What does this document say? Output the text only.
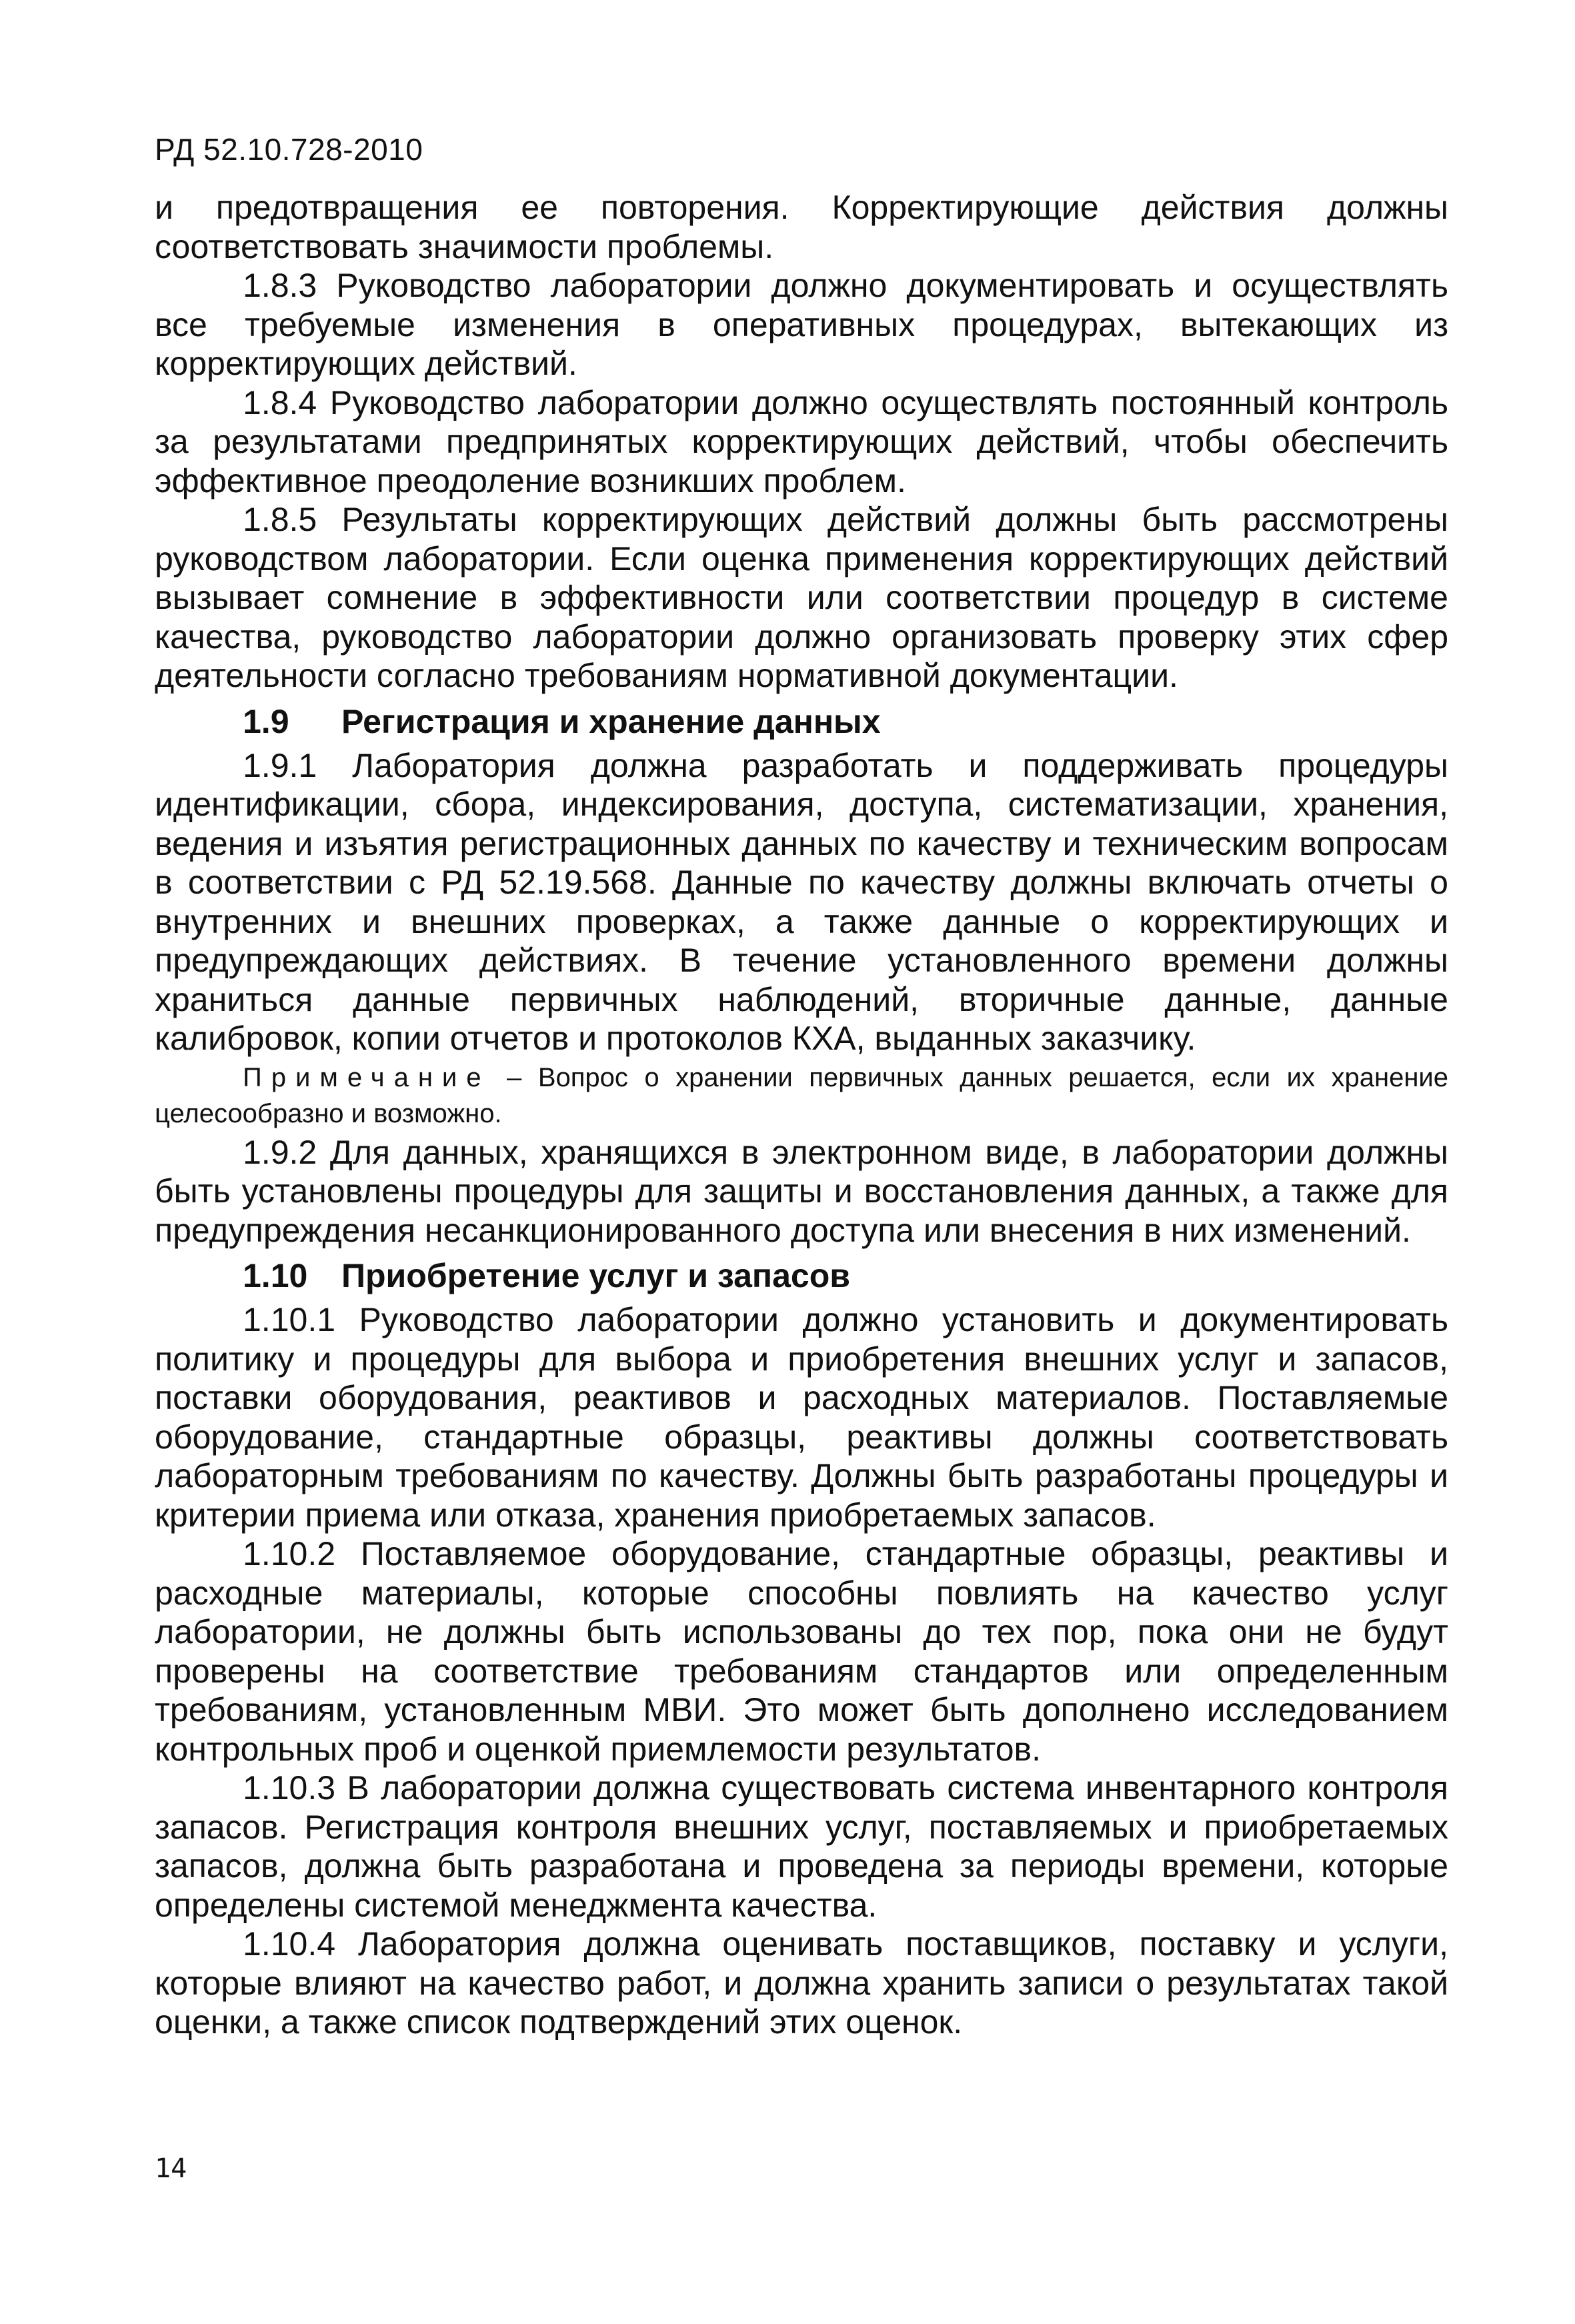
РД 52.10.728-2010

и предотвращения ее повторения. Корректирующие действия должны соответствовать значимости проблемы.

1.8.3 Руководство лаборатории должно документировать и осуществлять все требуемые изменения в оперативных процедурах, вытекающих из корректирующих действий.

1.8.4 Руководство лаборатории должно осуществлять постоянный контроль за результатами предпринятых корректирующих действий, чтобы обеспечить эффективное преодоление возникших проблем.

1.8.5 Результаты корректирующих действий должны быть рассмотрены руководством лаборатории. Если оценка применения корректирующих действий вызывает сомнение в эффективности или соответствии процедур в системе качества, руководство лаборатории должно организовать проверку этих сфер деятельности согласно требованиям нормативной документации.

1.9 Регистрация и хранение данных

1.9.1 Лаборатория должна разработать и поддерживать процедуры идентификации, сбора, индексирования, доступа, систематизации, хранения, ведения и изъятия регистрационных данных по качеству и техническим вопросам в соответствии с РД 52.19.568. Данные по качеству должны включать отчеты о внутренних и внешних проверках, а также данные о корректирующих и предупреждающих действиях. В течение установленного времени должны храниться данные первичных наблюдений, вторичные данные, данные калибровок, копии отчетов и протоколов КХА, выданных заказчику.

Примечание – Вопрос о хранении первичных данных решается, если их хранение целесообразно и возможно.

1.9.2 Для данных, хранящихся в электронном виде, в лаборатории должны быть установлены процедуры для защиты и восстановления данных, а также для предупреждения несанкционированного доступа или внесения в них изменений.

1.10 Приобретение услуг и запасов

1.10.1 Руководство лаборатории должно установить и документировать политику и процедуры для выбора и приобретения внешних услуг и запасов, поставки оборудования, реактивов и расходных материалов. Поставляемые оборудование, стандартные образцы, реактивы должны соответствовать лабораторным требованиям по качеству. Должны быть разработаны процедуры и критерии приема или отказа, хранения приобретаемых запасов.

1.10.2 Поставляемое оборудование, стандартные образцы, реактивы и расходные материалы, которые способны повлиять на качество услуг лаборатории, не должны быть использованы до тех пор, пока они не будут проверены на соответствие требованиям стандартов или определенным требованиям, установленным МВИ. Это может быть дополнено исследованием контрольных проб и оценкой приемлемости результатов.

1.10.3 В лаборатории должна существовать система инвентарного контроля запасов. Регистрация контроля внешних услуг, поставляемых и приобретаемых запасов, должна быть разработана и проведена за периоды времени, которые определены системой менеджмента качества.

1.10.4 Лаборатория должна оценивать поставщиков, поставку и услуги, которые влияют на качество работ, и должна хранить записи о результатах такой оценки, а также список подтверждений этих оценок.

14
